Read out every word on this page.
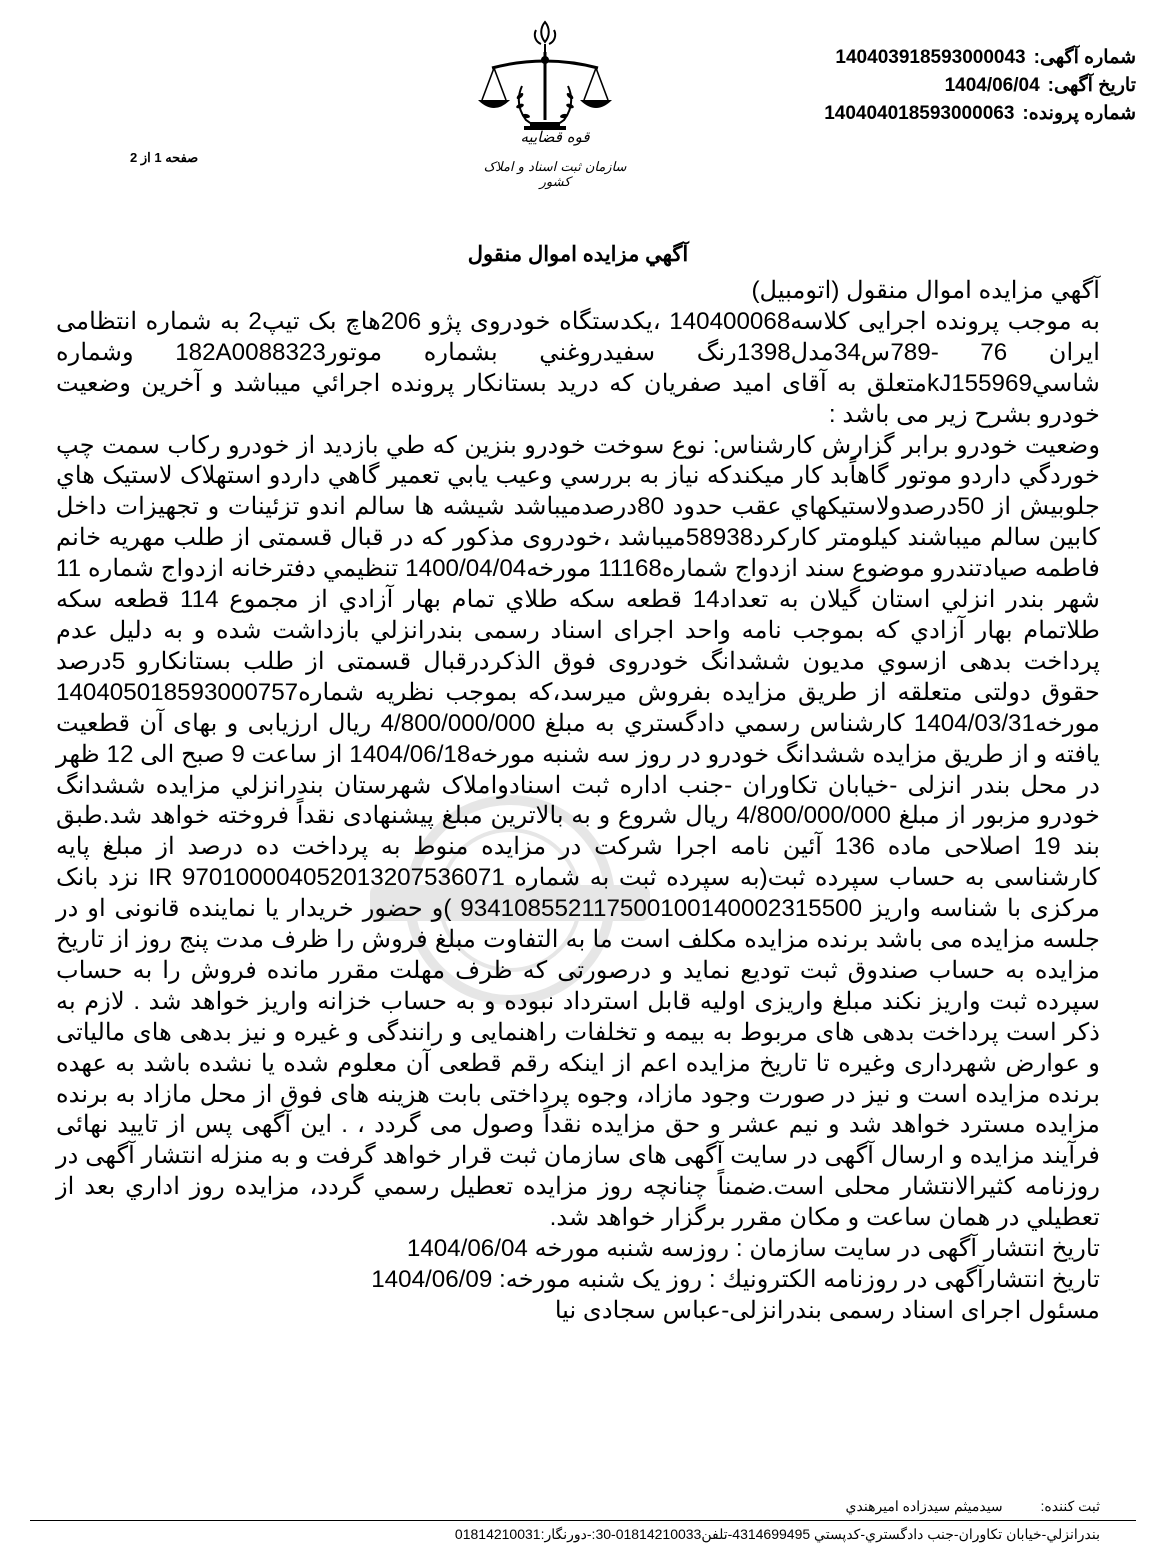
شماره آگهی:
140403918593000043
تاریخ آگهی:
1404/06/04
شماره پرونده:
140404018593000063
قوه قضاییه
سازمان ثبت اسناد و املاک کشور
صفحه 1 از 2
آگهي مزايده اموال منقول

آگهي مزايده اموال منقول (اتومبيل)

به موجب پرونده اجرايی كلاسه140400068 ،يكدستگاه خودروی پژو 206هاچ بک تيپ2 به شماره انتظامی ايران 76 -789س34مدل1398رنگ سفيدروغني بشماره موتور182A0088323 وشماره شاسيkJ155969متعلق به آقای امید صفریان كه دريد بستانكار پرونده اجرائي ميباشد و آخرين وضعيت خودرو بشرح زير می باشد :

وضعيت خودرو برابر گزارش كارشناس: نوع سوخت خودرو بنزين كه طي بازديد از خودرو ركاب سمت چپ خوردگي داردو موتور گاهاًبد كار ميكندكه نياز به بررسي وعيب يابي تعمير گاهي داردو استهلاک لاستيک هاي جلوبيش از 50درصدولاستيكهاي عقب حدود 80درصدميباشد شيشه ها سالم اندو تزئينات و تجهيزات داخل كابين سالم ميباشند كيلومتر كاركرد58938ميباشد ،خودروی مذکور که در قبال قسمتی از طلب مهريه خانم فاطمه صيادتندرو موضوع سند ازدواج شماره11168 مورخه1400/04/04 تنظيمي دفترخانه ازدواج شماره 11 شهر بندر انزلي استان گيلان به تعداد14 قطعه سكه طلاي تمام بهار آزادي از مجموع 114 قطعه سكه طلاتمام بهار آزادي كه بموجب نامه واحد اجرای اسناد رسمی بندرانزلي بازداشت شده و به دليل عدم پرداخت بدهی ازسوي مديون ششدانگ خودروی فوق الذكردرقبال قسمتی از طلب بستانكارو 5درصد حقوق دولتی متعلقه از طريق مزايده بفروش ميرسد،كه بموجب نظريه شماره140405018593000757 مورخه1404/03/31 كارشناس رسمي دادگستري به مبلغ 4/800/000/000 ريال ارزيابی و بهای آن قطعيت يافته و از طريق مزايده ششدانگ خودرو در روز سه شنبه مورخه1404/06/18 از ساعت 9 صبح الی 12 ظهر در محل بندر انزلی -خيابان تكاوران -جنب اداره ثبت اسنادواملاک شهرستان بندرانزلي مزايده ششدانگ خودرو مزبور از مبلغ 4/800/000/000 ريال شروع و به بالاترين مبلغ پيشنهادی نقداً فروخته خواهد شد.طبق بند 19 اصلاحی ماده 136 آئين نامه اجرا شركت در مزايده منوط به پرداخت ده درصد از مبلغ پايه كارشناسی به حساب سپرده ثبت(به سپرده ثبت به شماره IR 970100004052013207536071 نزد بانک مرکزی با شناسه واريز 934108552117500100140002315500 )و حضور خريدار يا نماينده قانونی او در جلسه مزايده می باشد برنده مزايده مكلف است ما به التفاوت مبلغ فروش را ظرف مدت پنج روز از تاريخ مزايده به حساب صندوق ثبت توديع نمايد و درصورتی كه ظرف مهلت مقرر مانده فروش را به حساب سپرده ثبت واريز نكند مبلغ واريزی اوليه قابل استرداد نبوده و به حساب خزانه واريز خواهد شد . لازم به ذكر است پرداخت بدهی های مربوط به بيمه و تخلفات راهنمايی و رانندگی و غيره و نيز بدهی های مالياتی و عوارض شهرداری وغيره تا تاريخ مزايده اعم از اينكه رقم قطعی آن معلوم شده يا نشده باشد به عهده برنده مزايده است و نيز در صورت وجود مازاد، وجوه پرداختی بابت هزينه های فوق از محل مازاد به برنده مزايده مسترد خواهد شد و نيم عشر و حق مزايده نقداً وصول می گردد ، . اين آگهی پس از تاييد نهائی فرآيند مزايده و ارسال آگهی در سايت آگهی های سازمان ثبت قرار خواهد گرفت و به منزله انتشار آگهی در روزنامه كثيرالانتشار محلی است.ضمناً چنانچه روز مزايده تعطيل رسمي گردد، مزايده روز اداري بعد از تعطيلي در همان ساعت و مكان مقرر برگزار خواهد شد.

تاريخ انتشار آگهی در سايت سازمان : روزسه شنبه مورخه 1404/06/04

تاريخ انتشارآگهی در روزنامه الكترونيك : روز يک شنبه مورخه: 1404/06/09

مسئول اجرای اسناد رسمی بندرانزلی-عباس سجادی نيا

ثبت كننده: سيدميثم سيدزاده اميرهندي
بندرانزلي-خيابان تكاوران-جنب دادگستري-كدپستي 4314699495-تلفن01814210033-30:-دورنگار:01814210031
